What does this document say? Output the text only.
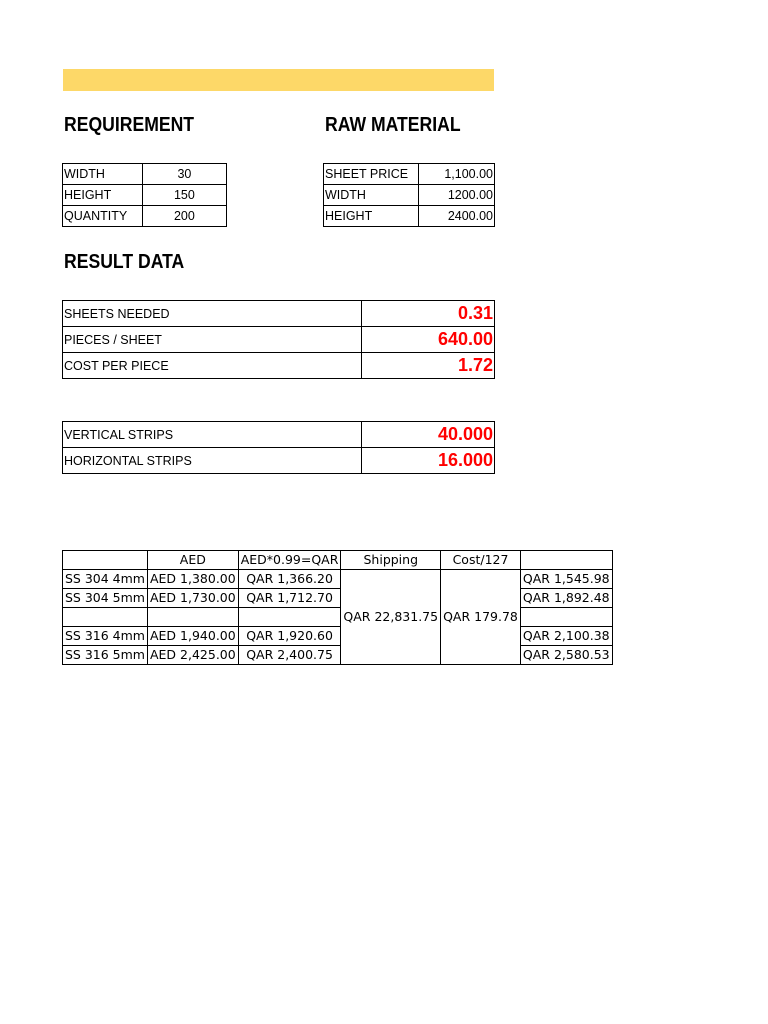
REQUIREMENT	RAW MATERIAL
RESULT DATA
WIDTH	30
HEIGHT	150
QUANTITY	200
SHEET PRICE	1,100.00
WIDTH	1200.00
HEIGHT	2400.00
SHEETS NEEDED	0.31
PIECES / SHEET	640.00
COST PER PIECE	1.72
VERTICAL STRIPS	40.000
HORIZONTAL STRIPS	16.000
	AED	AED*0.99=QAR	Shipping	Cost/127	
SS 304 4mm	AED 1,380.00	QAR 1,366.20	QAR 22,831.75	QAR 179.78	QAR 1,545.98
SS 304 5mm	AED 1,730.00	QAR 1,712.70			QAR 1,892.48

SS 316 4mm	AED 1,940.00	QAR 1,920.60			QAR 2,100.38
SS 316 5mm	AED 2,425.00	QAR 2,400.75			QAR 2,580.53
